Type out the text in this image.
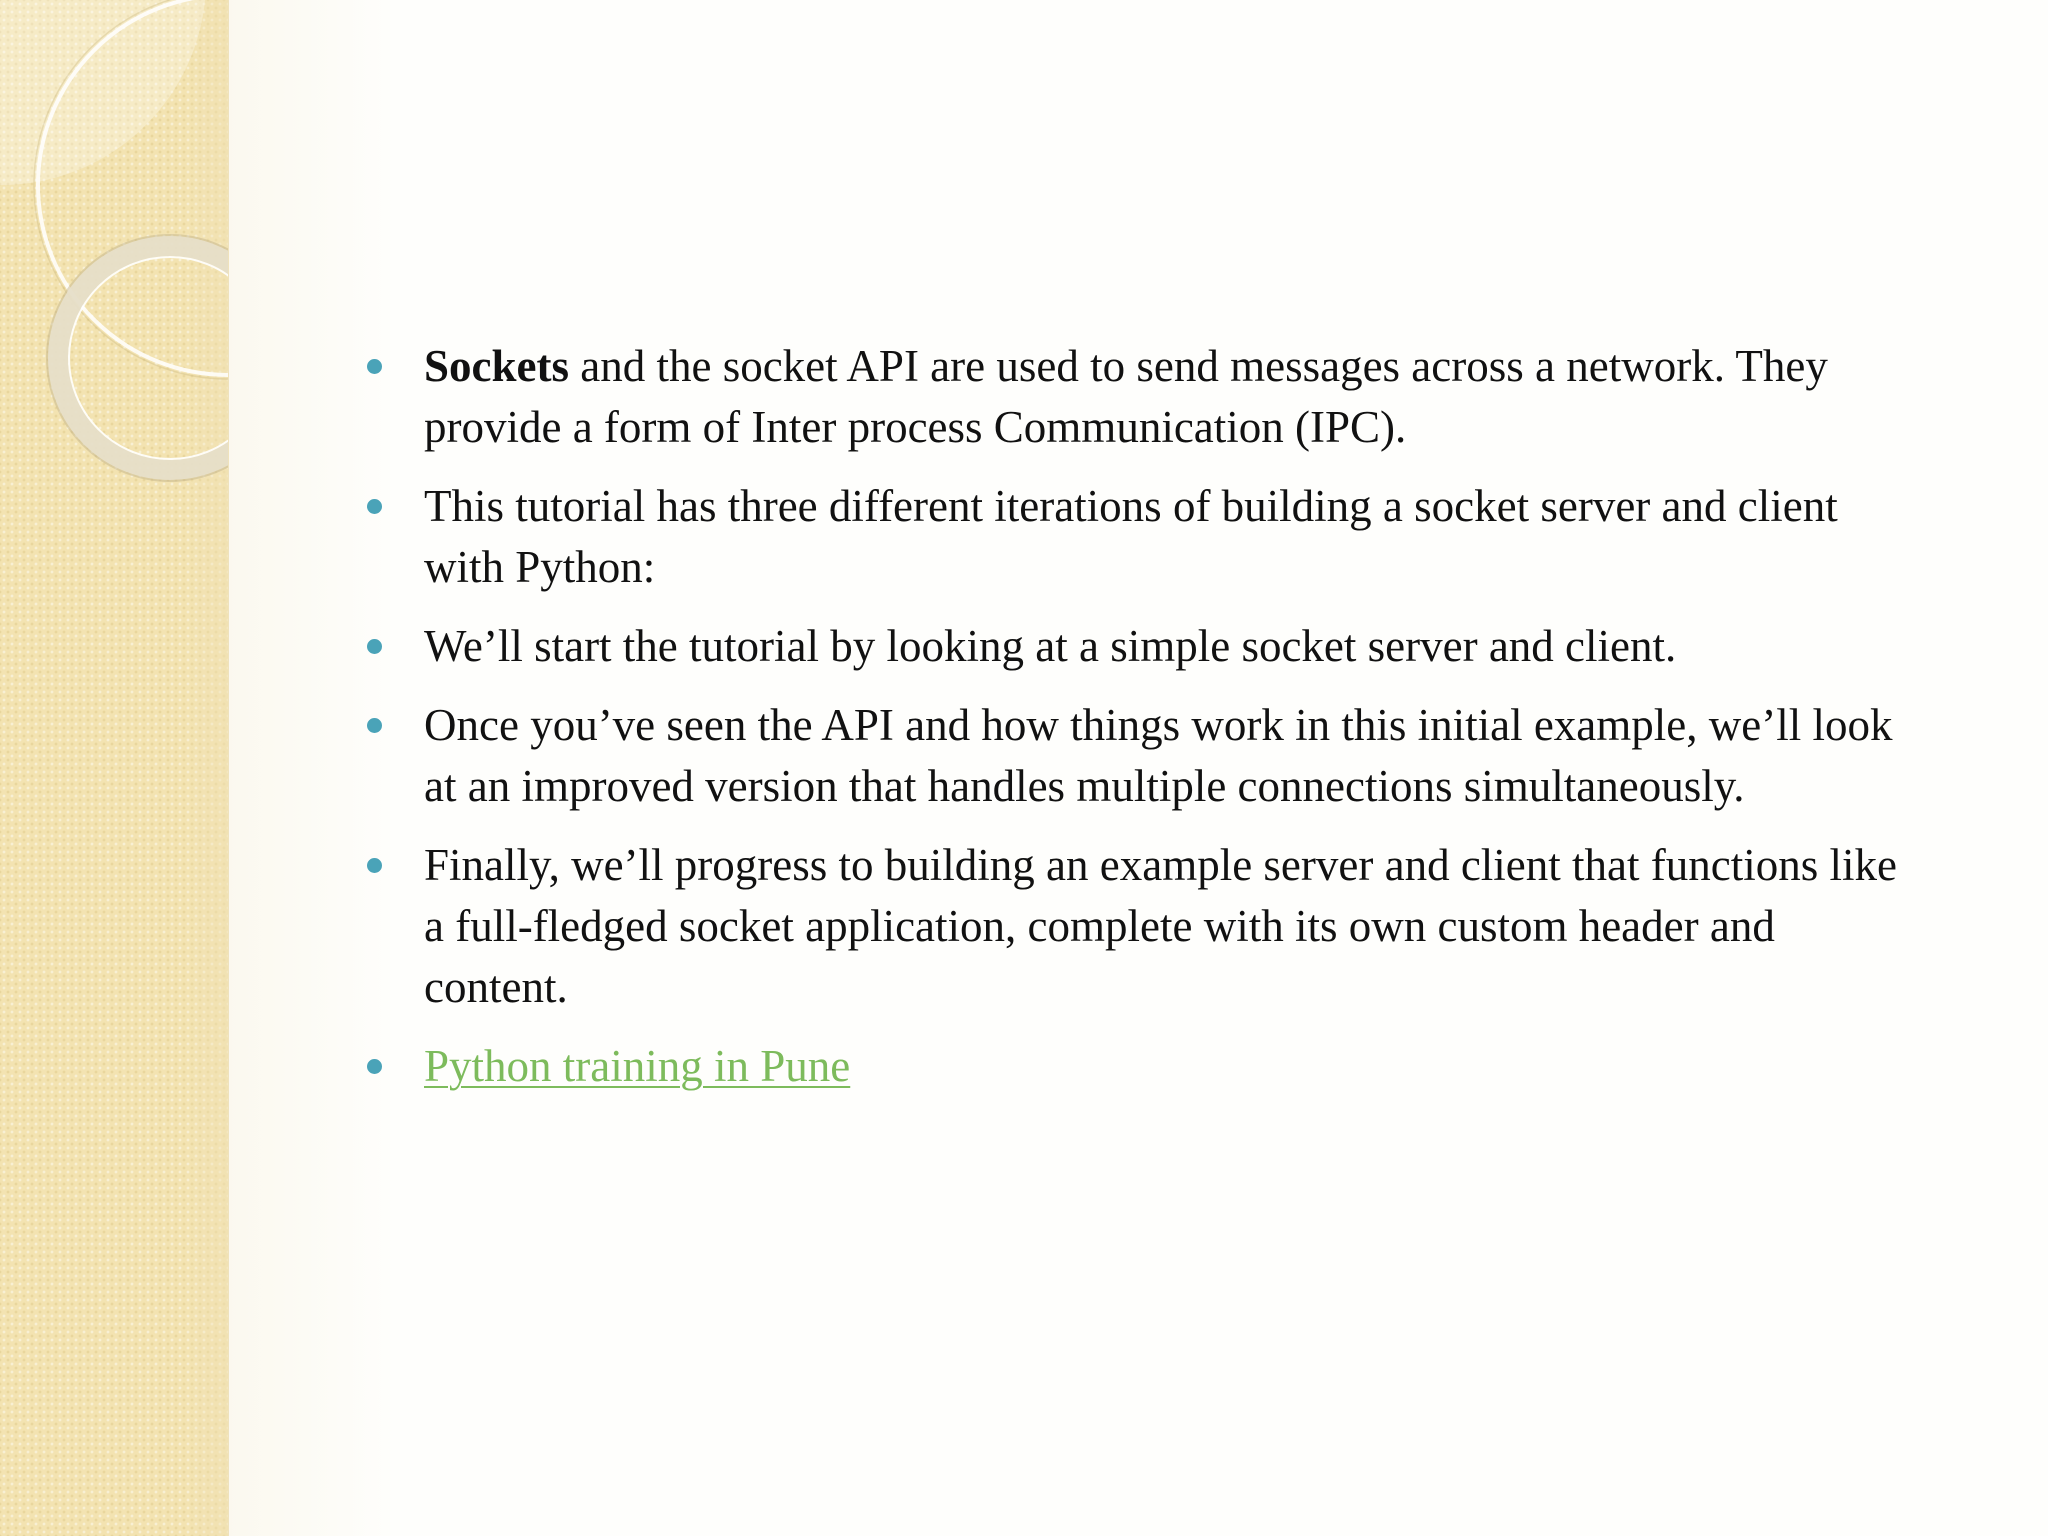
Sockets and the socket API are used to send messages across a network. They provide a form of Inter process Communication (IPC).
This tutorial has three different iterations of building a socket server and client with Python:
We’ll start the tutorial by looking at a simple socket server and client.
Once you’ve seen the API and how things work in this initial example, we’ll look at an improved version that handles multiple connections simultaneously.
Finally, we’ll progress to building an example server and client that functions like a full-fledged socket application, complete with its own custom header and content.
Python training in Pune
